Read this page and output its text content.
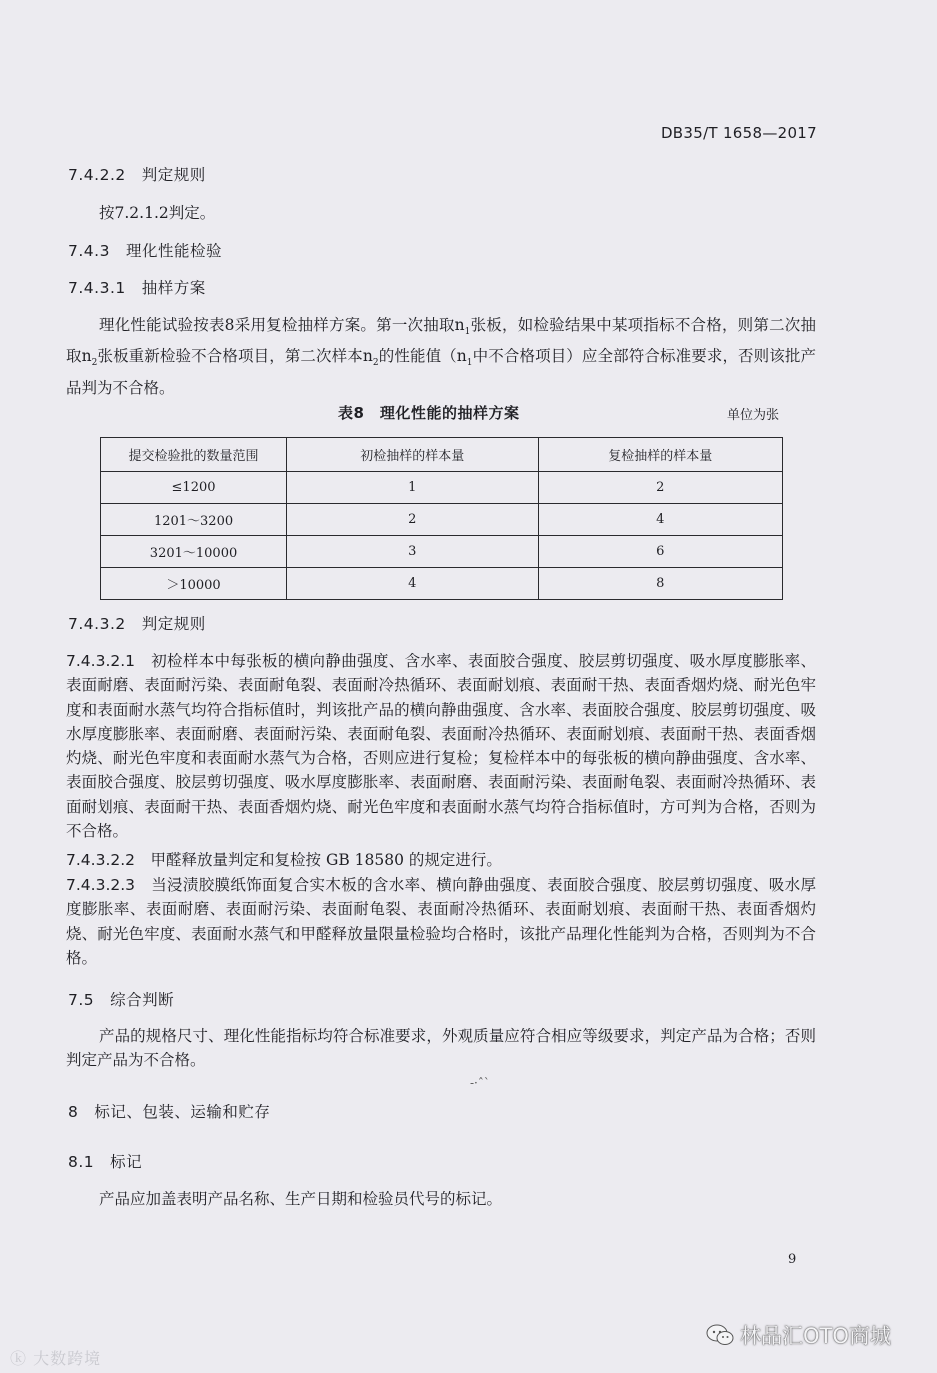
DB35/T 1658—2017
7.4.2.2　 判定规则
按7.2.1.2判定。
7.4.3　 理化性能检验
7.4.3.1　 抽样方案
理化性能试验按表8采用复检抽样方案。第一次抽取$n_1$张板，如检验结果中某项指标不合格，则第二次抽取$n_2$张板重新检验不合格项目，第二次样本$n_2$的性能值（$n_1$中不合格项目）应全部符合标准要求，否则该批产品判为不合格。
表8　理化性能的抽样方案	单位为张
提交检验批的数量范围	初检抽样的样本量	复检抽样的样本量
≤1200	1	2
1201～3200	2	4
3201～10000	3	6
＞10000	4	8
7.4.3.2　 判定规则
7.4.3.2.1　 初检样本中每张板的横向静曲强度、含水率、表面胶合强度、胶层剪切强度、吸水厚度膨胀率、表面耐磨、表面耐污染、表面耐龟裂、表面耐冷热循环、表面耐划痕、表面耐干热、表面香烟灼烧、耐光色牢度和表面耐水蒸气均符合指标值时，判该批产品的横向静曲强度、含水率、表面胶合强度、胶层剪切强度、吸水厚度膨胀率、表面耐磨、表面耐污染、表面耐龟裂、表面耐冷热循环、表面耐划痕、表面耐干热、表面香烟灼烧、耐光色牢度和表面耐水蒸气为合格，否则应进行复检；复检样本中的每张板的横向静曲强度、含水率、表面胶合强度、胶层剪切强度、吸水厚度膨胀率、表面耐磨、表面耐污染、表面耐龟裂、表面耐冷热循环、表面耐划痕、表面耐干热、表面香烟灼烧、耐光色牢度和表面耐水蒸气均符合指标值时，方可判为合格，否则为不合格。
7.4.3.2.2　 甲醛释放量判定和复检按 GB 18580 的规定进行。
7.4.3.2.3　 当浸渍胶膜纸饰面复合实木板的含水率、横向静曲强度、表面胶合强度、胶层剪切强度、吸水厚度膨胀率、表面耐磨、表面耐污染、表面耐龟裂、表面耐冷热循环、表面耐划痕、表面耐干热、表面香烟灼烧、耐光色牢度、表面耐水蒸气和甲醛释放量限量检验均合格时，该批产品理化性能判为合格，否则判为不合格。
7.5　 综合判断
产品的规格尺寸、理化性能指标均符合标准要求，外观质量应符合相应等级要求，判定产品为合格；否则判定产品为不合格。
-·ˆ`
8　 标记、包装、运输和贮存
8.1　 标记
产品应加盖表明产品名称、生产日期和检验员代号的标记。
9
ⓚ 大数跨境
林品汇OTO商城
